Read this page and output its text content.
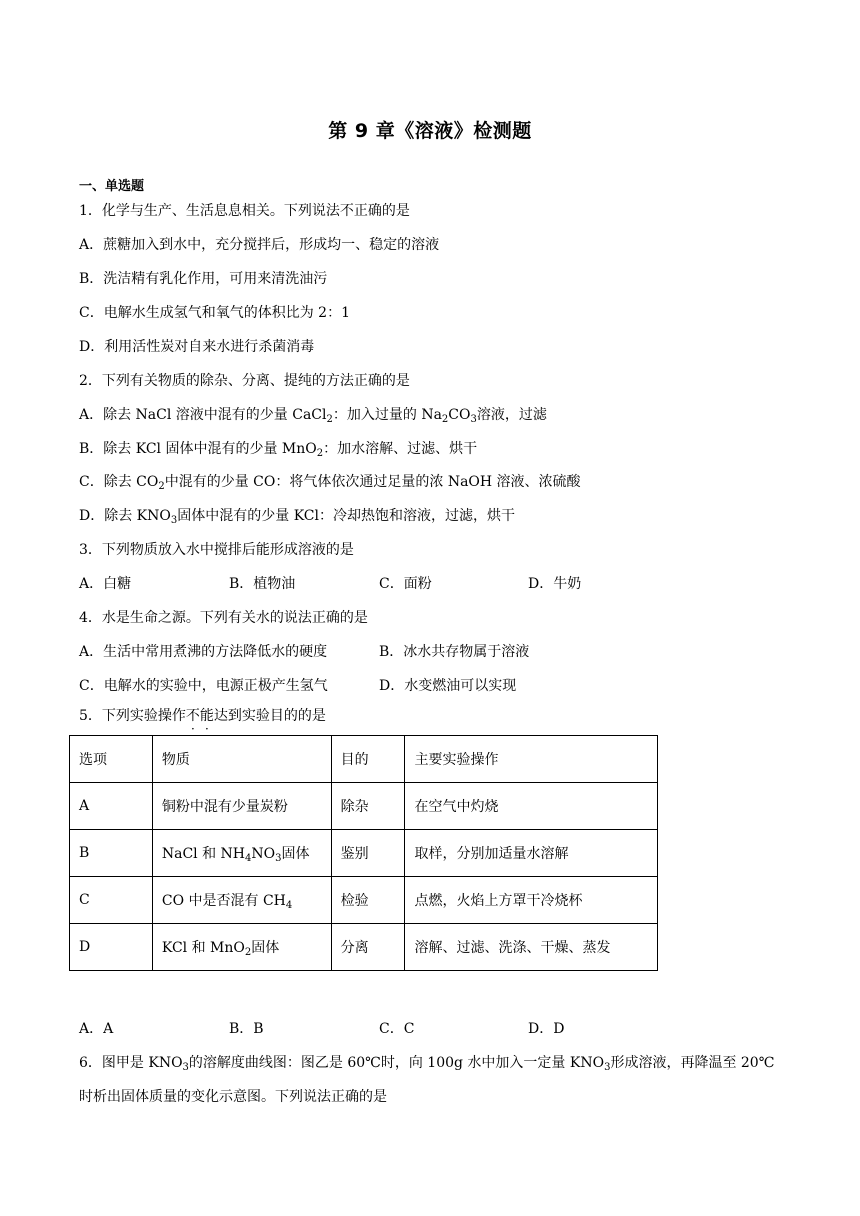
第 9 章《溶液》检测题
一、单选题
1．化学与生产、生活息息相关。下列说法不正确的是
A．蔗糖加入到水中，充分搅拌后，形成均一、稳定的溶液
B．洗洁精有乳化作用，可用来清洗油污
C．电解水生成氢气和氧气的体积比为 2：1
D．利用活性炭对自来水进行杀菌消毒
2．下列有关物质的除杂、分离、提纯的方法正确的是
A．除去 NaCl 溶液中混有的少量 CaCl$_2$：加入过量的 $Na_2CO_3$溶液，过滤
B．除去 KCl 固体中混有的少量 MnO$_2$：加水溶解、过滤、烘干
C．除去 $CO_2$中混有的少量 CO：将气体依次通过足量的浓 NaOH 溶液、浓硫酸
D．除去 $KNO_3$固体中混有的少量 KCl：冷却热饱和溶液，过滤，烘干
3．下列物质放入水中搅排后能形成溶液的是
A．白糖	B．植物油	C．面粉	D．牛奶
4．水是生命之源。下列有关水的说法正确的是
A．生活中常用煮沸的方法降低水的硬度	B．冰水共存物属于溶液
C．电解水的实验中，电源正极产生氢气	D．水变燃油可以实现
5．下列实验操作不能达到实验目的的是
选项	物质	目的	主要实验操作
A	铜粉中混有少量炭粉	除杂	在空气中灼烧
B	NaCl 和 $NH_4NO_3$固体	鉴别	取样，分别加适量水溶解
C	CO 中是否混有 $CH_4$	检验	点燃，火焰上方罩干冷烧杯
D	KCl 和 MnO$_2$固体	分离	溶解、过滤、洗涤、干燥、蒸发
A．A	B．B	C．C	D．D
6．图甲是 $KNO_3$的溶解度曲线图：图乙是 60℃时，向 100g 水中加入一定量 $KNO_3$形成溶液，再降温至 20℃
时析出固体质量的变化示意图。下列说法正确的是
